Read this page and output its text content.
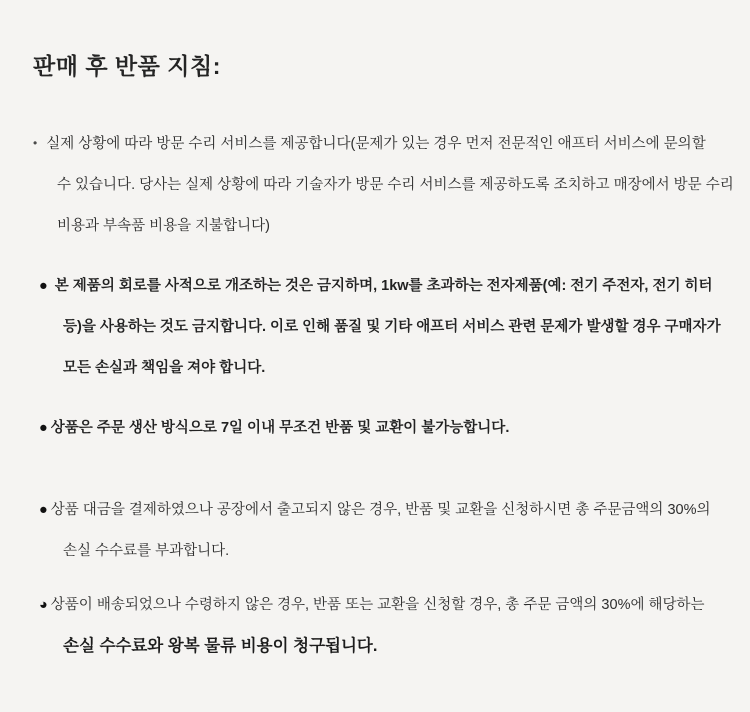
판매 후 반품 지침:
• 실제 상황에 따라 방문 수리 서비스를 제공합니다(문제가 있는 경우 먼저 전문적인 애프터 서비스에 문의할
수 있습니다. 당사는 실제 상황에 따라 기술자가 방문 수리 서비스를 제공하도록 조치하고 매장에서 방문 수리
비용과 부속품 비용을 지불합니다)
● 본 제품의 회로를 사적으로 개조하는 것은 금지하며, 1kw를 초과하는 전자제품(예: 전기 주전자, 전기 히터
등)을 사용하는 것도 금지합니다. 이로 인해 품질 및 기타 애프터 서비스 관련 문제가 발생할 경우 구매자가
모든 손실과 책임을 져야 합니다.
● 상품은 주문 생산 방식으로 7일 이내 무조건 반품 및 교환이 불가능합니다.
● 상품 대금을 결제하였으나 공장에서 출고되지 않은 경우, 반품 및 교환을 신청하시면 총 주문금액의 30%의
손실 수수료를 부과합니다.
◕ 상품이 배송되었으나 수령하지 않은 경우, 반품 또는 교환을 신청할 경우, 총 주문 금액의 30%에 해당하는
손실 수수료와 왕복 물류 비용이 청구됩니다.
